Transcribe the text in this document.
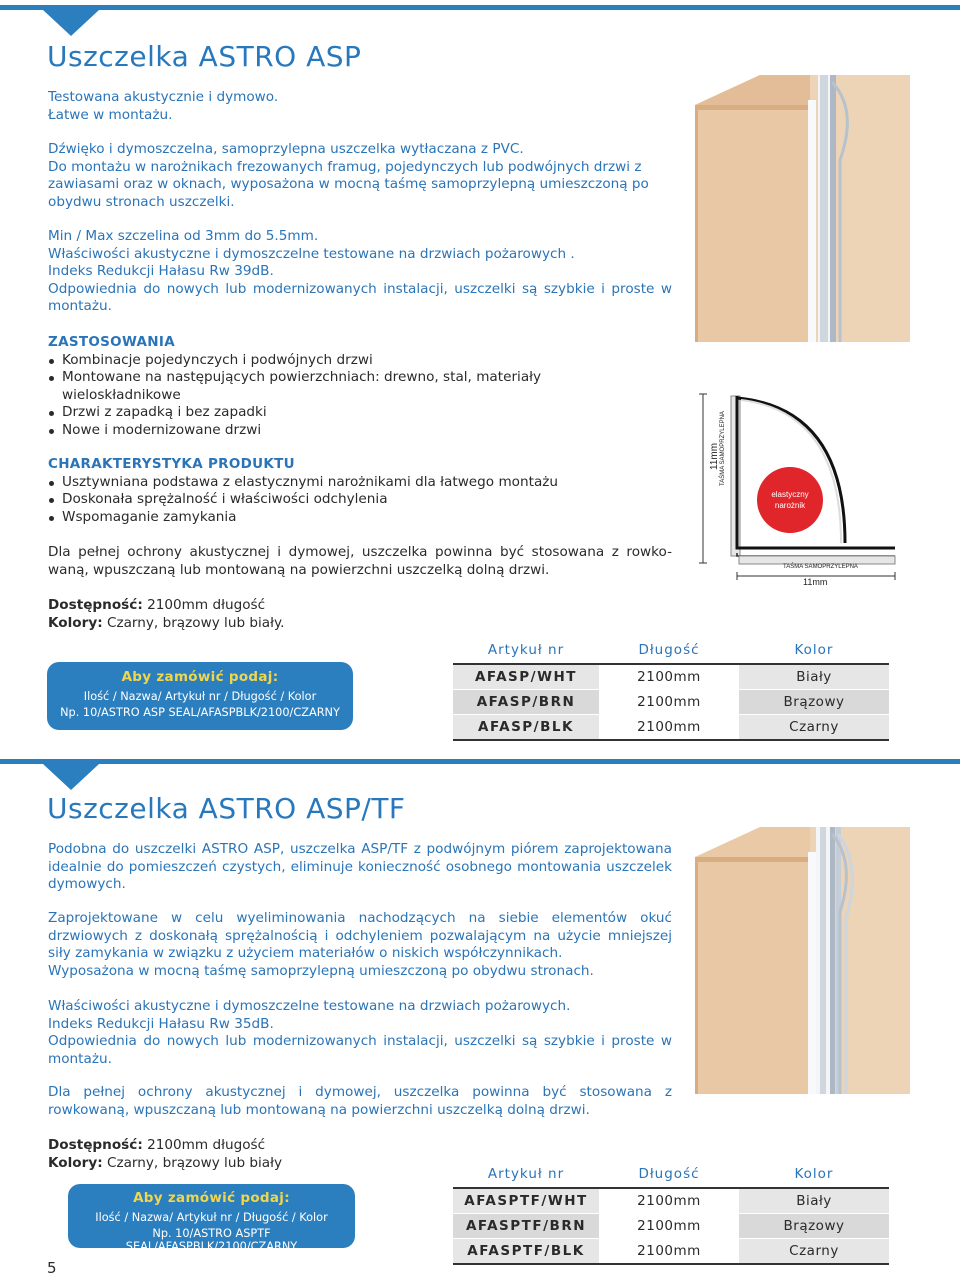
Uszczelka ASTRO ASP

Testowana akustycznie i dymowo.

Łatwe w montażu.

Dźwięko i dymoszczelna, samoprzylepna uszczelka wytłaczana z PVC.

Do montażu w narożnikach frezowanych framug, pojedynczych lub podwójnych drzwi z zawiasami oraz w oknach, wyposażona w mocną taśmę samoprzylepną umieszczoną po obydwu stronach uszczelki.

Min / Max szczelina od 3mm do 5.5mm.

Właściwości akustyczne i dymoszczelne testowane na drzwiach pożarowych .

Indeks Redukcji Hałasu Rw 39dB.

Odpowiednia do nowych lub modernizowanych instalacji, uszczelki są szybkie i proste w montażu.

ZASTOSOWANIA

Kombinacje pojedynczych i podwójnych drzwi
Montowane na następujących powierzchniach: drewno, stal, materiały wieloskładnikowe
Drzwi z zapadką i bez zapadki
Nowe i modernizowane drzwi

CHARAKTERYSTYKA PRODUKTU

Usztywniana podstawa z elastycznymi narożnikami dla łatwego montażu
Doskonała sprężalność i właściwości odchylenia
Wspomaganie zamykania
Dla pełnej ochrony akustycznej i dymowej, uszczelka powinna być stosowana z rowko-waną, wpuszczaną lub montowaną na powierzchni uszczelką dolną drzwi.

Dostępność: 2100mm długość

Kolory: Czarny, brązowy lub biały.

Aby zamówić podaj:
Ilość / Nazwa/ Artykuł nr / Długość / Kolor
Np. 10/ASTRO ASP SEAL/AFASPBLK/2100/CZARNY
Artykuł nr	Długość	Kolor
AFASP/WHT	2100mm	Biały
AFASP/BRN	2100mm	Brązowy
AFASP/BLK	2100mm	Czarny
elastyczny
narożnik
TAŚMA SAMOPRZYLEPNA
11mm
TAŚMA SAMOPRZYLEPNA
11mm
Uszczelka ASTRO ASP/TF
Podobna do uszczelki ASTRO ASP, uszczelka ASP/TF z podwójnym piórem zaprojektowana idealnie do pomieszczeń czystych, eliminuje konieczność osobnego montowania uszczelek dymowych.

Zaprojektowane w celu wyeliminowania nachodzących na siebie elementów okuć drzwiowych z doskonałą sprężalnością i odchyleniem pozwalającym na użycie mniejszej siły zamykania w związku z użyciem materiałów o niskich współczynnikach.

Wyposażona w mocną taśmę samoprzylepną umieszczoną po obydwu stronach.

Właściwości akustyczne i dymoszczelne testowane na drzwiach pożarowych.

Indeks Redukcji Hałasu Rw 35dB.

Odpowiednia do nowych lub modernizowanych instalacji, uszczelki są szybkie i proste w montażu.

Dla pełnej ochrony akustycznej i dymowej, uszczelka powinna być stosowana z rowkowaną, wpuszczaną lub montowaną na powierzchni uszczelką dolną drzwi.

Dostępność: 2100mm długość

Kolory: Czarny, brązowy lub biały

Aby zamówić podaj:
Ilość / Nazwa/ Artykuł nr / Długość / Kolor
Np. 10/ASTRO ASPTF SEAL/AFASPBLK/2100/CZARNY
Artykuł nr	Długość	Kolor
AFASPTF/WHT	2100mm	Biały
AFASPTF/BRN	2100mm	Brązowy
AFASPTF/BLK	2100mm	Czarny
5
